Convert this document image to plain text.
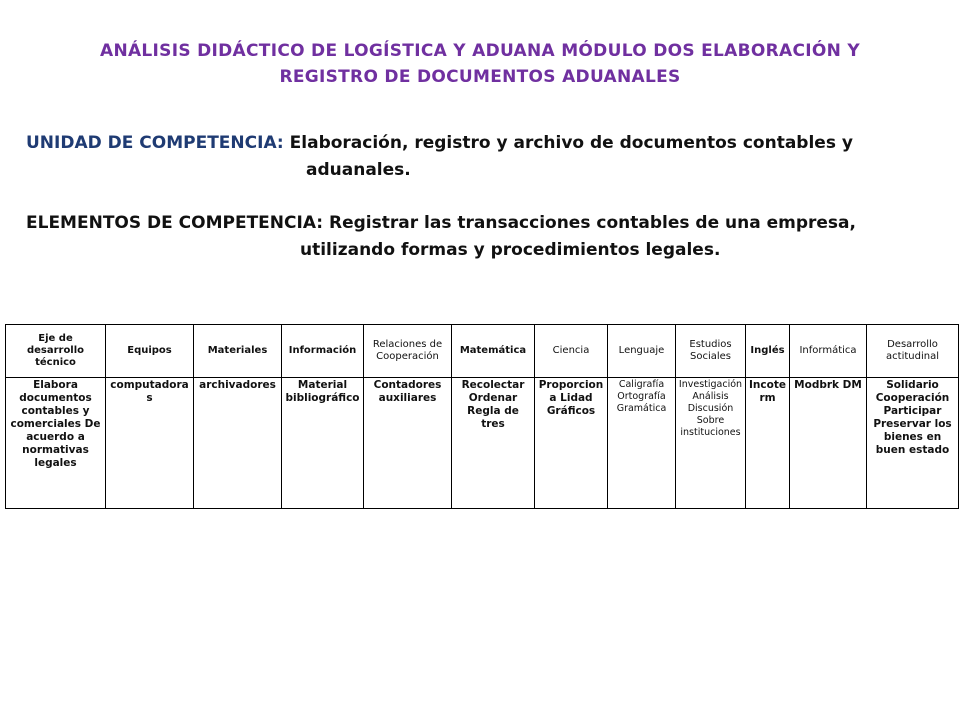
ANÁLISIS DIDÁCTICO DE LOGÍSTICA Y ADUANA MÓDULO DOS ELABORACIÓN Y
REGISTRO DE DOCUMENTOS ADUANALES
UNIDAD DE COMPETENCIA: Elaboración, registro y archivo de documentos contables y
aduanales.
ELEMENTOS DE COMPETENCIA: Registrar las transacciones contables de una empresa,
utilizando formas y procedimientos legales.
Eje de desarrollo técnico	Equipos	Materiales	Información	Relaciones de Cooperación	Matemática	Ciencia	Lenguaje	Estudios Sociales	Inglés	Informática	Desarrollo actitudinal
Elabora documentos contables y comerciales De acuerdo a normativas legales	computadoras	archivadores	Material bibliográfico	Contadores auxiliares	Recolectar Ordenar Regla de tres	Proporciona Lidad Gráficos	Caligrafía Ortografía Gramática	Investigación Análisis Discusión Sobre instituciones	Incoterm	Modbrk DM	Solidario Cooperación Participar Preservar los bienes en buen estado
